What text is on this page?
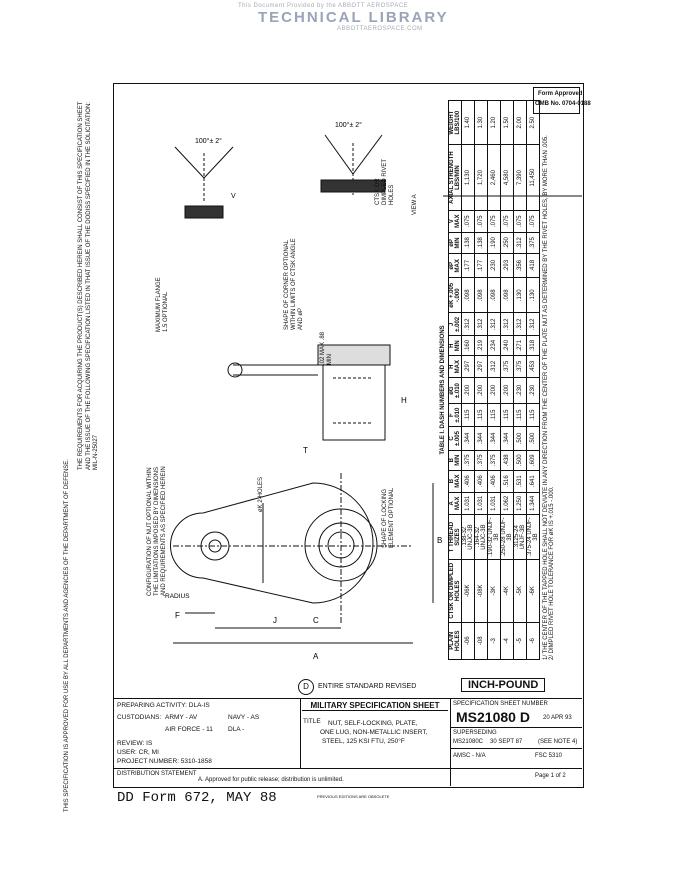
This Document Provided by the ABBOTT AEROSPACE
TECHNICAL LIBRARY
ABBOTTAEROSPACE.COM
THIS SPECIFICATION IS APPROVED FOR USE BY ALL DEPARTMENTS AND AGENCIES OF THE DEPARTMENT OF DEFENSE.
THE REQUIREMENTS FOR ACQUIRING THE PRODUCT(S) DESCRIBED HEREIN SHALL CONSIST OF THIS SPECIFICATION SHEET AND THE ISSUE OF THE FOLLOWING SPECIFICATION LISTED IN THAT ISSUE OF THE DODISS SPECIFIED IN THE SOLICITATION: MIL-N-25027
Form Approved
OMB No. 0704-0188
100°± 2°
100°± 2°
V
A
B
H
J
F
C
T
RADIUS
MAXIMUM FLANGE 1.5 OPTIONAL
øK 2-HOLES
CONFIGURATION OF NUT OPTIONAL WITHIN THE LIMITATIONS IMPOSED BY DIMENSIONS AND REQUIREMENTS AS SPECIFIED HEREIN
SHAPE OF CORNER OPTIONAL WITHIN LIMITS OF CTSK ANGLE AND øP
SHAPE OF LOCKING ELEMENT OPTIONAL
.02 MAX .88 MIN
CTSK OR DIMPLED RIVET HOLES	VIEW A
TABLE I. DASH NUMBERS AND DIMENSIONS
PLAIN HOLES	CTSK OR DIMPLED HOLES	T THREAD SIZES	A MAX	B MAX	B MIN	C ±.005	F ±.010	øG ±.010	H MAX	H MIN	J ±.002	øK +.005 -.000	øP MAX	øP MIN	V MAX	AXIAL STRENGTH LBS/MIN	WEIGHT LBS/100
-06	-06K	.138-32 UNJC-3B	1.031	.406	.375	.344	.115	.200	.297	.160	.312	.098	.177	.138	.075	1,130	1.40
-08	-08K	.164-32 UNJC-3B	1.031	.406	.375	.344	.115	.200	.297	.219	.312	.098	.177	.138	.075	1,720	1.30
-3	-3K	.190-32 UNJF-3B	1.031	.406	.375	.344	.115	.200	.312	.234	.312	.098	.230	.190	.075	2,460	1.20
-4	-4K	.250-28 UNJF-3B	1.062	.516	.438	.344	.115	.200	.375	.240	.312	.098	.293	.250	.075	4,580	1.50
-5	-5K	.3125-24 UNJF-3B	1.250	.531	.500	.500	.115	.230	.375	.271	.312	.130	.356	.312	.075	7,390	2.00
-6	-6K	.375-24 UNJF-3B	1.344	.641	.609	.500	.115	.230	.453	.318	.312	.130	.418	.375	.075	11,450	2.50
1/ THE CENTER OF THE TAPPED HOLE SHALL NOT DEVIATE IN ANY DIRECTION FROM THE CENTER OF THE PLATE NUT AS DETERMINED BY THE RIVET HOLES, BY MORE THAN .005. 2/ DIMPLED RIVET HOLE TOLERANCE FOR øK IS +.015 -.000.
D	ENTIRE STANDARD REVISED	INCH-POUND
PREPARING ACTIVITY: DLA-IS
CUSTODIANS: ARMY - AV	NAVY - AS
AIR FORCE - 11 DLA -
REVIEW: IS
USER: CR, MI
PROJECT NUMBER: 5310-1858
MILITARY SPECIFICATION SHEET
TITLE NUT, SELF-LOCKING, PLATE,
ONE LUG, NON-METALLIC INSERT,
STEEL, 125 KSI FTU, 250°F
SPECIFICATION SHEET NUMBER
MS21080 D 20 APR 93
SUPERSEDING
MS21080C 30 SEPT 87	(SEE NOTE 4)
AMSC - N/A	FSC 5310
DISTRIBUTION STATEMENT
A. Approved for public release; distribution is unlimited.
Page 1 of 2
DD Form 672, MAY 88	PREVIOUS EDITIONS ARE OBSOLETE
